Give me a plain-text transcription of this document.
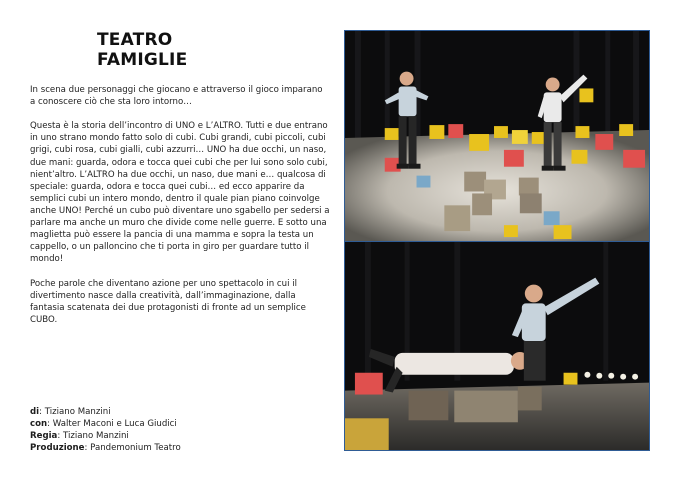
TEATRO FAMIGLIE

In scena due personaggi che giocano e attraverso il gioco imparano a conoscere ciò che sta loro intorno…

Questa è la storia dell’incontro di UNO e L’ALTRO. Tutti e due entrano in uno strano mondo fatto solo di cubi. Cubi grandi, cubi piccoli, cubi grigi, cubi rosa, cubi gialli, cubi azzurri… UNO ha due occhi, un naso, due mani: guarda, odora e tocca quei cubi che per lui sono solo cubi, nient’altro. L’ALTRO ha due occhi, un naso, due mani e… qualcosa di speciale: guarda, odora e tocca quei cubi… ed ecco apparire da semplici cubi un intero mondo, dentro il quale pian piano coinvolge anche UNO! Perché un cubo può diventare uno sgabello per sedersi a parlare ma anche un muro che divide come nelle guerre. E sotto una maglietta può essere la pancia di una mamma e sopra la testa un cappello, o un palloncino che ti porta in giro per guardare tutto il mondo!

Poche parole che diventano azione per uno spettacolo in cui il divertimento nasce dalla creatività, dall’immaginazione, dalla fantasia scatenata dei due protagonisti di fronte ad un semplice CUBO.

di: Tiziano Manzini
con: Walter Maconi e Luca Giudici
Regia: Tiziano Manzini
Produzione: Pandemonium Teatro
